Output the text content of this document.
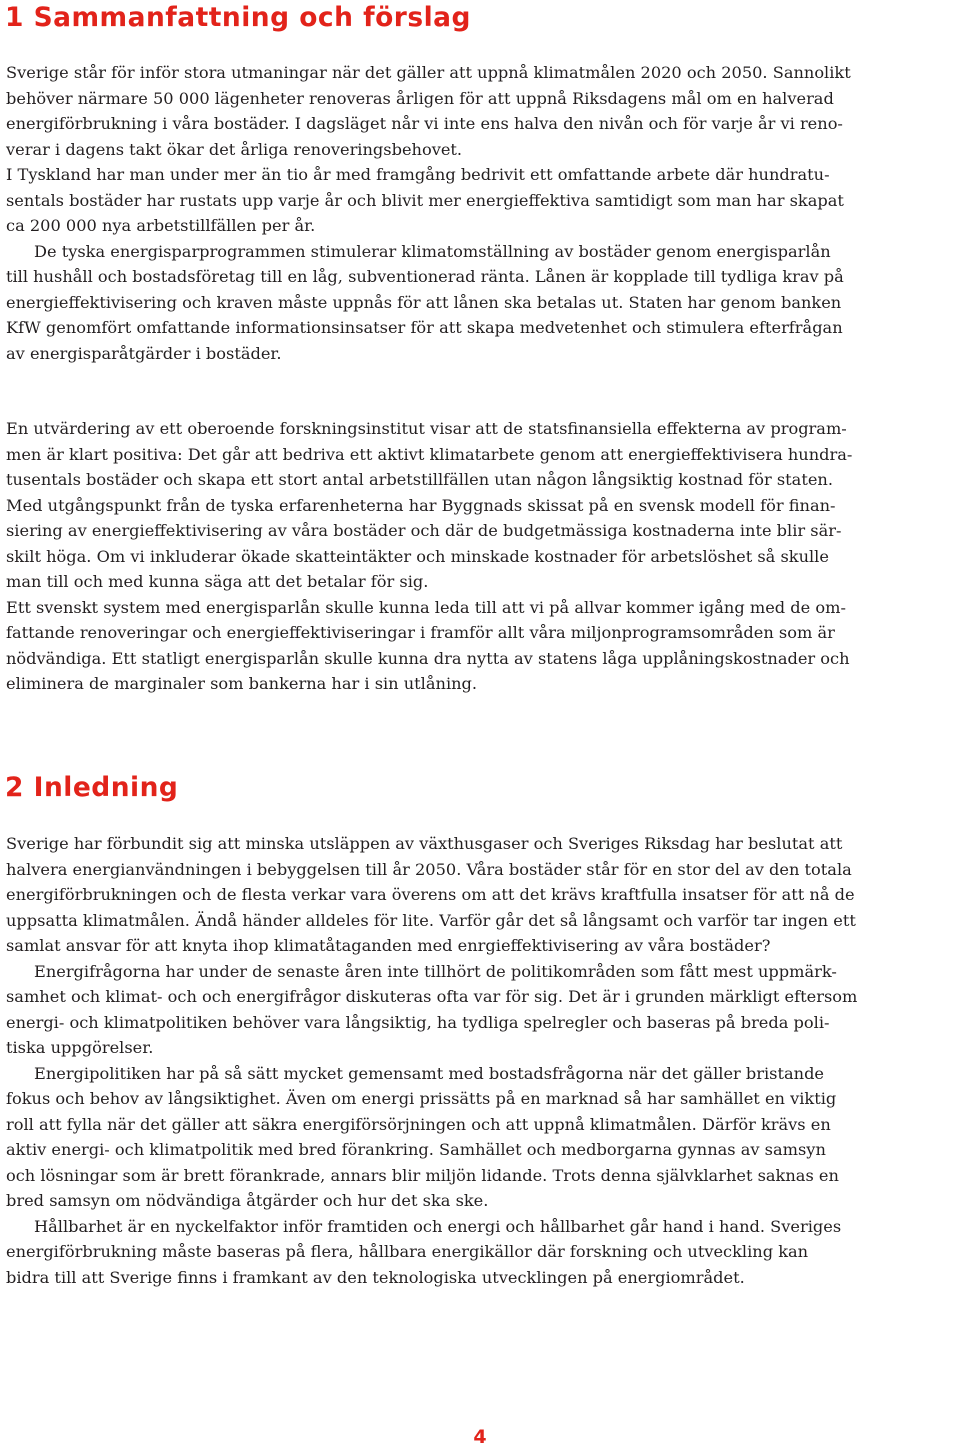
1 Sammanfattning och förslag
Sverige står för inför stora utmaningar när det gäller att uppnå klimatmålen 2020 och 2050. Sannolikt
behöver närmare 50 000 lägenheter renoveras årligen för att uppnå Riksdagens mål om en halverad
energiförbrukning i våra bostäder. I dagsläget når vi inte ens halva den nivån och för varje år vi reno-
verar i dagens takt ökar det årliga renoveringsbehovet.
I Tyskland har man under mer än tio år med framgång bedrivit ett omfattande arbete där hundratu-
sentals bostäder har rustats upp varje år och blivit mer energieffektiva samtidigt som man har skapat
ca 200 000 nya arbetstillfällen per år.
De tyska energisparprogrammen stimulerar klimatomställning av bostäder genom energisparlån
till hushåll och bostadsföretag till en låg, subventionerad ränta. Lånen är kopplade till tydliga krav på
energieffektivisering och kraven måste uppnås för att lånen ska betalas ut. Staten har genom banken
KfW genomfört omfattande informationsinsatser för att skapa medvetenhet och stimulera efterfrågan
av energisparåtgärder i bostäder.
En utvärdering av ett oberoende forskningsinstitut visar att de statsfinansiella effekterna av program-
men är klart positiva: Det går att bedriva ett aktivt klimatarbete genom att energieffektivisera hundra-
tusentals bostäder och skapa ett stort antal arbetstillfällen utan någon långsiktig kostnad för staten.
Med utgångspunkt från de tyska erfarenheterna har Byggnads skissat på en svensk modell för finan-
siering av energieffektivisering av våra bostäder och där de budgetmässiga kostnaderna inte blir sär-
skilt höga. Om vi inkluderar ökade skatteintäkter och minskade kostnader för arbetslöshet så skulle
man till och med kunna säga att det betalar för sig.
Ett svenskt system med energisparlån skulle kunna leda till att vi på allvar kommer igång med de om-
fattande renoveringar och energieffektiviseringar i framför allt våra miljonprogramsområden som är
nödvändiga. Ett statligt energisparlån skulle kunna dra nytta av statens låga upplåningskostnader och
eliminera de marginaler som bankerna har i sin utlåning.
2 Inledning
Sverige har förbundit sig att minska utsläppen av växthusgaser och Sveriges Riksdag har beslutat att
halvera energianvändningen i bebyggelsen till år 2050. Våra bostäder står för en stor del av den totala
energiförbrukningen och de flesta verkar vara överens om att det krävs kraftfulla insatser för att nå de
uppsatta klimatmålen. Ändå händer alldeles för lite. Varför går det så långsamt och varför tar ingen ett
samlat ansvar för att knyta ihop klimatåtaganden med enrgieffektivisering av våra bostäder?
Energifrågorna har under de senaste åren inte tillhört de politikområden som fått mest uppmärk-
samhet och klimat- och och energifrågor diskuteras ofta var för sig. Det är i grunden märkligt eftersom
energi- och klimatpolitiken behöver vara långsiktig, ha tydliga spelregler och baseras på breda poli-
tiska uppgörelser.
Energipolitiken har på så sätt mycket gemensamt med bostadsfrågorna när det gäller bristande
fokus och behov av långsiktighet. Även om energi prissätts på en marknad så har samhället en viktig
roll att fylla när det gäller att säkra energiförsörjningen och att uppnå klimatmålen. Därför krävs en
aktiv energi- och klimatpolitik med bred förankring. Samhället och medborgarna gynnas av samsyn
och lösningar som är brett förankrade, annars blir miljön lidande. Trots denna självklarhet saknas en
bred samsyn om nödvändiga åtgärder och hur det ska ske.
Hållbarhet är en nyckelfaktor inför framtiden och energi och hållbarhet går hand i hand. Sveriges
energiförbrukning måste baseras på flera, hållbara energikällor där forskning och utveckling kan
bidra till att Sverige finns i framkant av den teknologiska utvecklingen på energiområdet.
4
